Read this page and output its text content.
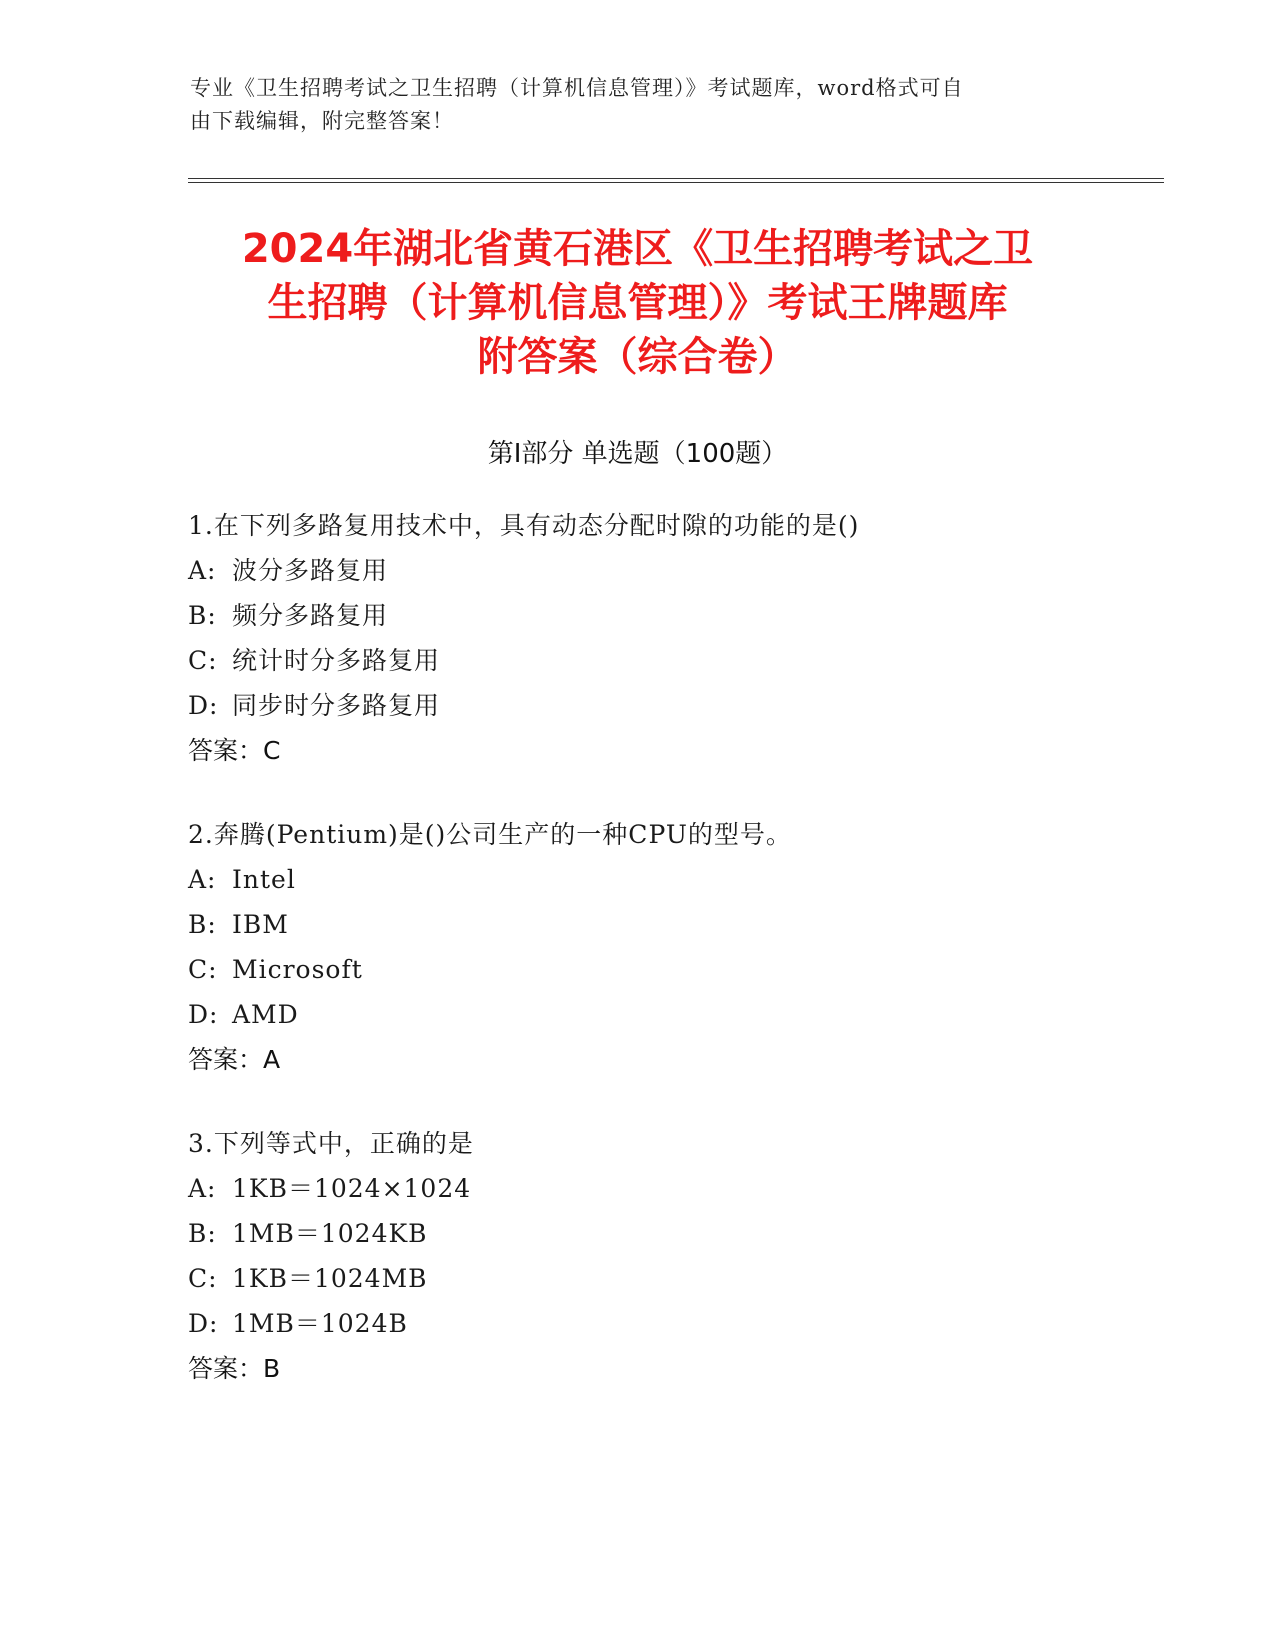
专业《卫生招聘考试之卫生招聘（计算机信息管理）》考试题库，word格式可自
由下载编辑，附完整答案！
2024年湖北省黄石港区《卫生招聘考试之卫
生招聘（计算机信息管理）》考试王牌题库
附答案（综合卷）
第Ⅰ部分 单选题（100题）
1.在下列多路复用技术中，具有动态分配时隙的功能的是()
A: 波分多路复用
B: 频分多路复用
C: 统计时分多路复用
D: 同步时分多路复用
答案：C
2.奔腾(Pentium)是()公司生产的一种CPU的型号。
A: Intel
B: IBM
C: Microsoft
D: AMD
答案：A
3.下列等式中，正确的是
A: 1KB＝1024×1024
B: 1MB＝1024KB
C: 1KB＝1024MB
D: 1MB＝1024B
答案：B
